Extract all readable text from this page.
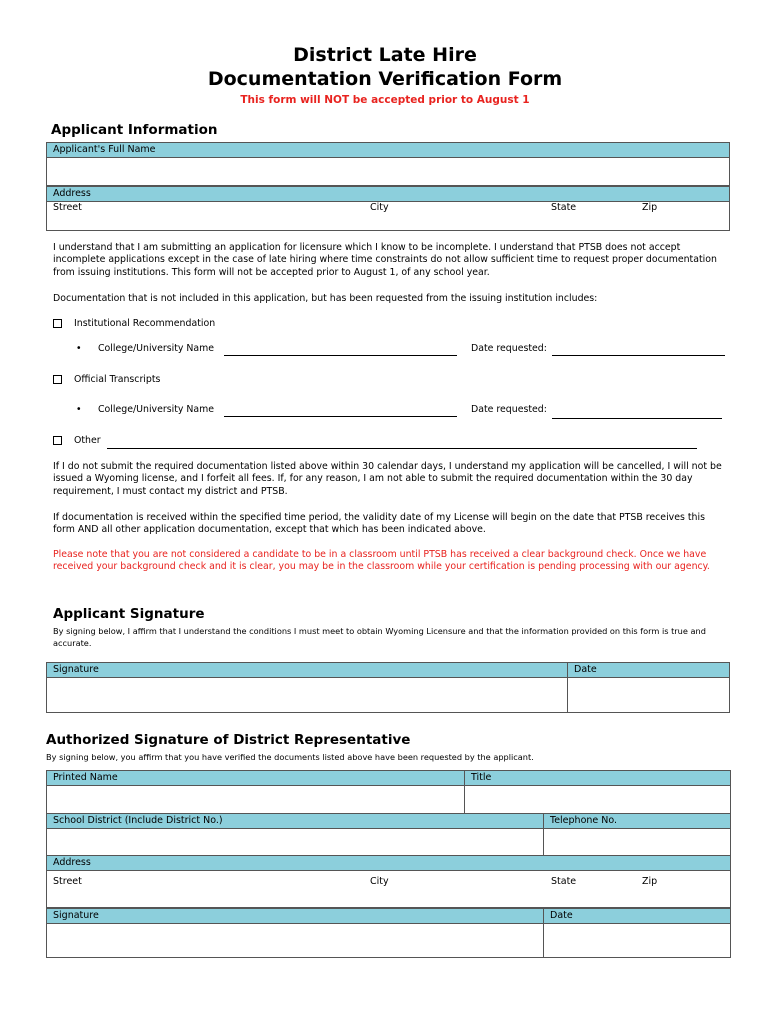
District Late Hire
Documentation Verification Form
This form will NOT be accepted prior to August 1
Applicant Information
Applicant's Full Name
Address
Street	City	State	Zip
I understand that I am submitting an application for licensure which I know to be incomplete. I understand that PTSB does not accept incomplete applications except in the case of late hiring where time constraints do not allow sufficient time to request proper documentation from issuing institutions. This form will not be accepted prior to August 1, of any school year.
Documentation that is not included in this application, but has been requested from the issuing institution includes:
Institutional Recommendation
• College/University Name	Date requested:
Official Transcripts
• College/University Name	Date requested:
Other
If I do not submit the required documentation listed above within 30 calendar days, I understand my application will be cancelled, I will not be issued a Wyoming license, and I forfeit all fees. If, for any reason, I am not able to submit the required documentation within the 30 day requirement, I must contact my district and PTSB.
If documentation is received within the specified time period, the validity date of my License will begin on the date that PTSB receives this form AND all other application documentation, except that which has been indicated above.
Please note that you are not considered a candidate to be in a classroom until PTSB has received a clear background check. Once we have received your background check and it is clear, you may be in the classroom while your certification is pending processing with our agency.
Applicant Signature
By signing below, I affirm that I understand the conditions I must meet to obtain Wyoming Licensure and that the information provided on this form is true and accurate.
Signature	Date
Authorized Signature of District Representative
By signing below, you affirm that you have verified the documents listed above have been requested by the applicant.
Printed Name	Title
School District (Include District No.)	Telephone No.
Address
Street	City	State	Zip
Signature	Date
